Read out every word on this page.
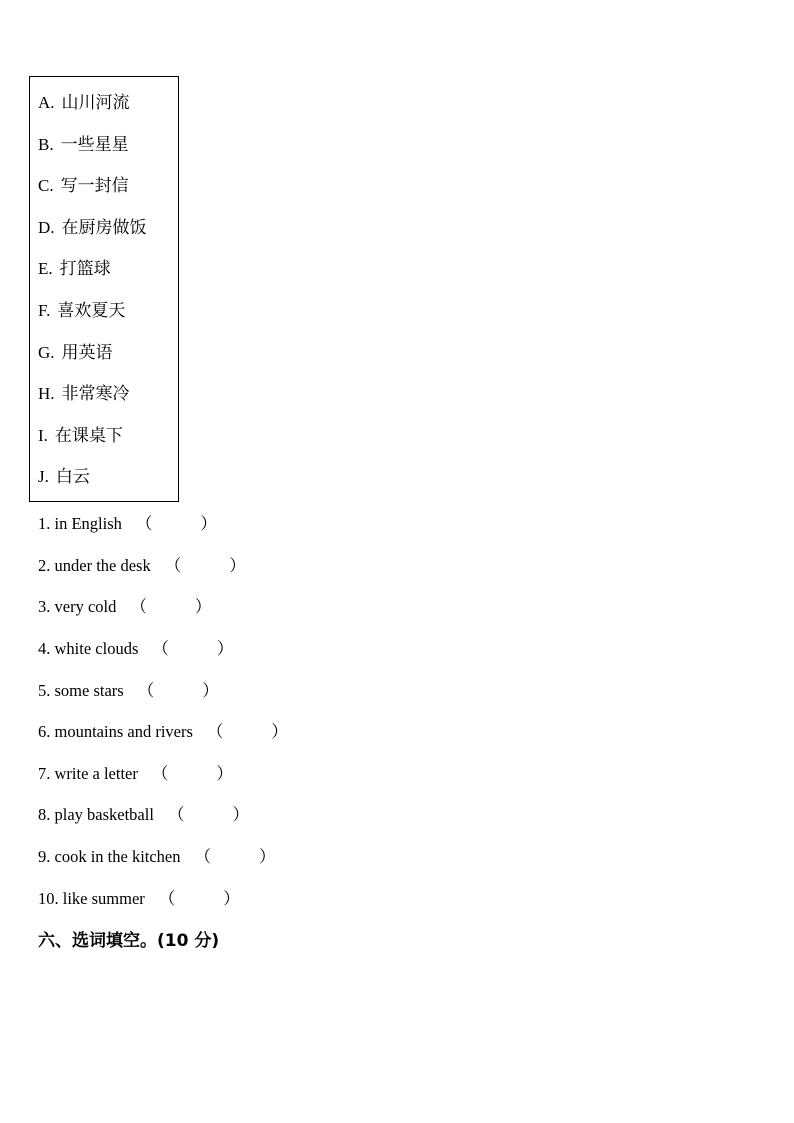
A. 山川河流
B. 一些星星
C. 写一封信
D. 在厨房做饭
E. 打篮球
F. 喜欢夏天
G. 用英语
H. 非常寒冷
I. 在课桌下
J. 白云
1. in English （	）
2. under the desk （	）
3. very cold （	）
4. white clouds （	）
5. some stars （	）
6. mountains and rivers （	）
7. write a letter （	）
8. play basketball （	）
9. cook in the kitchen （	）
10. like summer （	）
六、选词填空。(10 分)
